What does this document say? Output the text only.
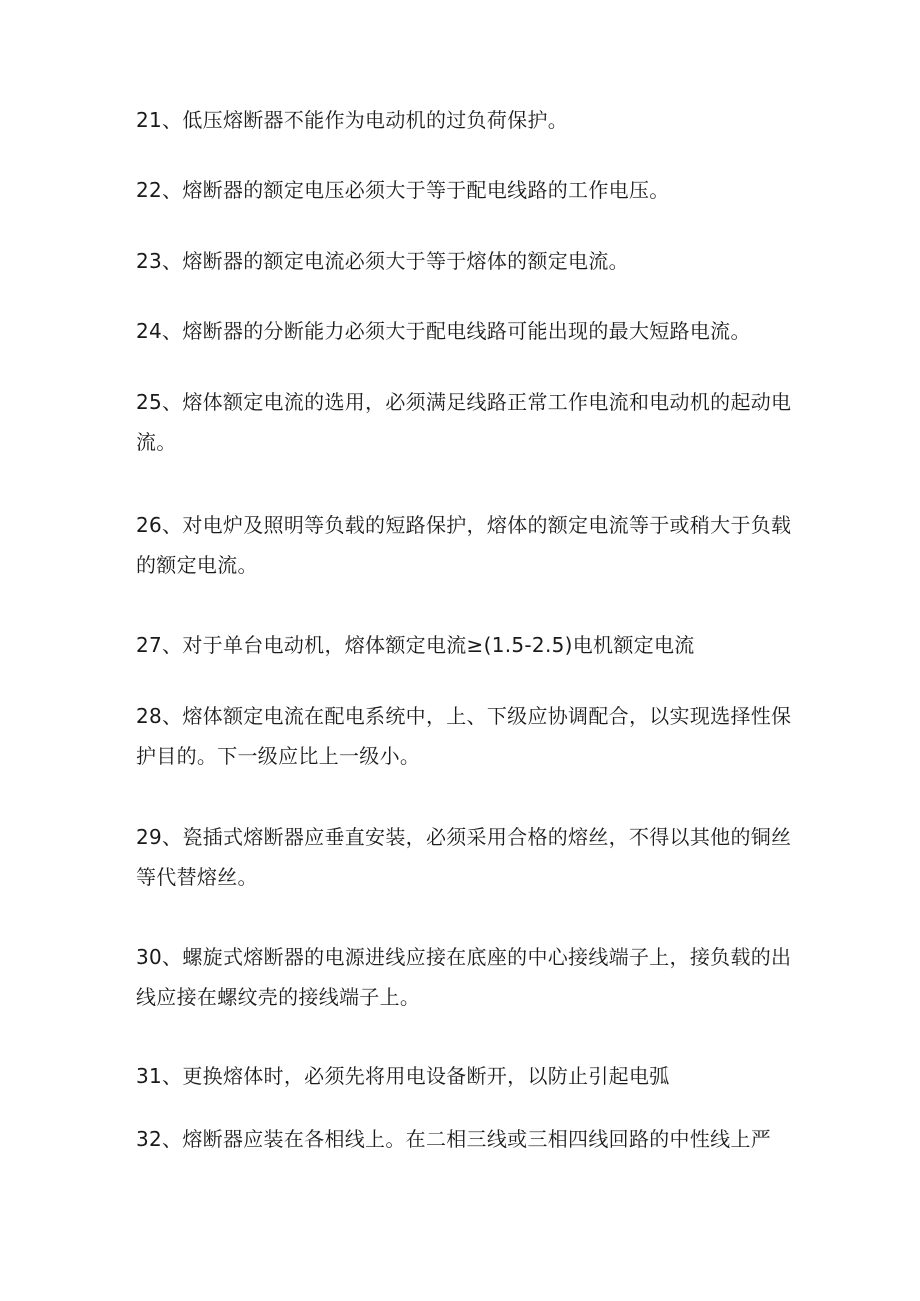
21、低压熔断器不能作为电动机的过负荷保护。

22、熔断器的额定电压必须大于等于配电线路的工作电压。

23、熔断器的额定电流必须大于等于熔体的额定电流。

24、熔断器的分断能力必须大于配电线路可能出现的最大短路电流。

25、熔体额定电流的选用，必须满足线路正常工作电流和电动机的起动电
流。

26、对电炉及照明等负载的短路保护，熔体的额定电流等于或稍大于负载
的额定电流。

27、对于单台电动机，熔体额定电流≥(1.5-2.5)电机额定电流

28、熔体额定电流在配电系统中，上、下级应协调配合，以实现选择性保
护目的。下一级应比上一级小。

29、瓷插式熔断器应垂直安装，必须采用合格的熔丝，不得以其他的铜丝
等代替熔丝。

30、螺旋式熔断器的电源进线应接在底座的中心接线端子上，接负载的出
线应接在螺纹壳的接线端子上。

31、更换熔体时，必须先将用电设备断开，以防止引起电弧

32、熔断器应装在各相线上。在二相三线或三相四线回路的中性线上严
